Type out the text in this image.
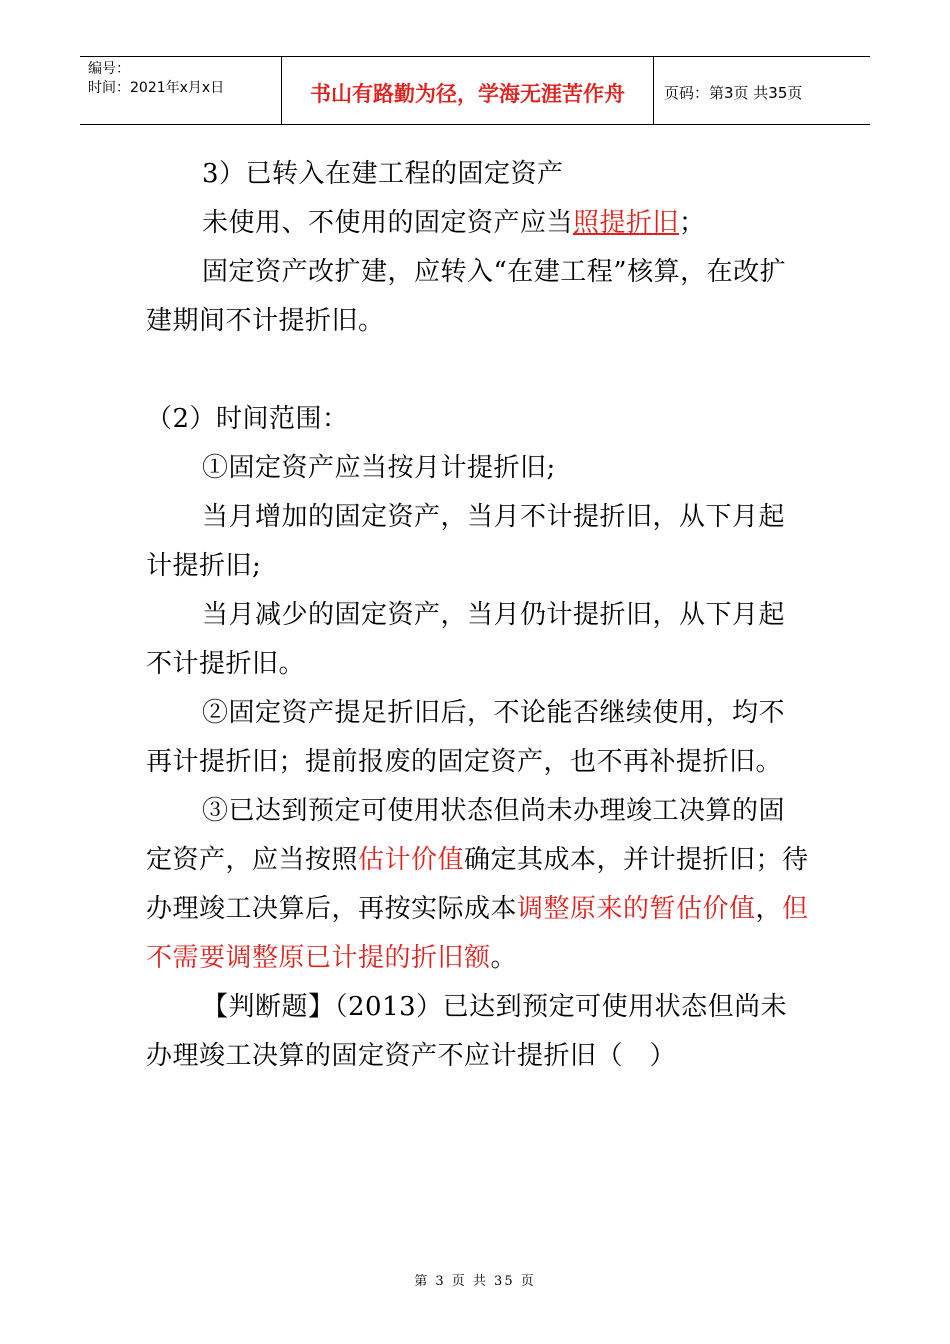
编号：
时间：2021年x月x日	书山有路勤为径，学海无涯苦作舟	页码：第3页 共35页

3）已转入在建工程的固定资产

未使用、不使用的固定资产应当照提折旧；

固定资产改扩建，应转入“在建工程”核算，在改扩建期间不计提折旧。

（2）时间范围：

①固定资产应当按月计提折旧;

当月增加的固定资产，当月不计提折旧，从下月起计提折旧;

当月减少的固定资产，当月仍计提折旧，从下月起不计提折旧。

②固定资产提足折旧后，不论能否继续使用，均不再计提折旧；提前报废的固定资产，也不再补提折旧。

③已达到预定可使用状态但尚未办理竣工决算的固定资产，应当按照估计价值确定其成本，并计提折旧；待办理竣工决算后，再按实际成本调整原来的暂估价值，但不需要调整原已计提的折旧额。

【判断题】（2013）已达到预定可使用状态但尚未办理竣工决算的固定资产不应计提折旧（　）

第 3 页 共 35 页
